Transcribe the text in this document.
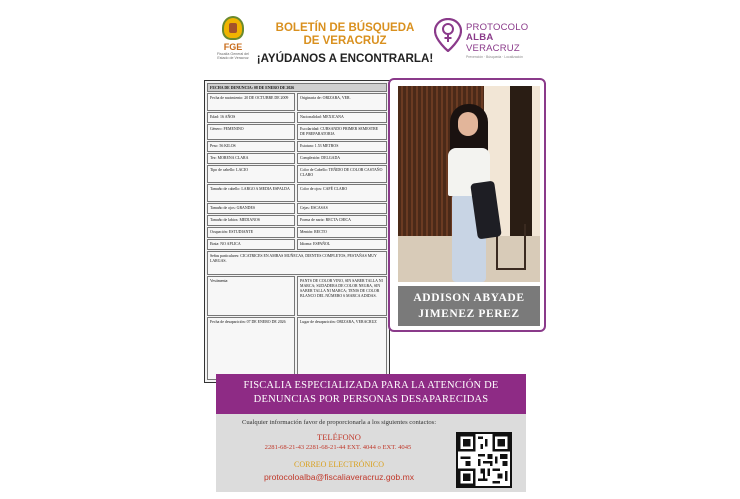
FGE
Fiscalía General del Estado de Veracruz
BOLETÍN DE BÚSQUEDA
DE VERACRUZ
¡AYÚDANOS A ENCONTRARLA!
PROTOCOLO
ALBA
VERACRUZ
Prevención · Búsqueda · Localización
FECHA DE DENUNCIA: 08 DE ENERO DE 2026
Fecha de nacimiento: 20 DE OCTUBRE DE 2009	Originaria de: ORIZABA, VER.
Edad: 16 AÑOS	Nacionalidad: MEXICANA
Género: FEMENINO	Escolaridad: CURSANDO PRIMER SEMESTRE DE PREPARATORIA
Peso: 56 KILOS	Estatura: 1.53 METROS
Tez: MORENA CLARA	Complexión: DELGADA
Tipo de cabello: LACIO	Color de Cabello: TEÑIDO DE COLOR CASTAÑO CLARO
Tamaño de cabello: LARGO A MEDIA ESPALDA	Color de ojos: CAFÉ CLARO
Tamaño de ojos: GRANDES	Cejas: ESCASAS
Tamaño de labios: MEDIANOS	Forma de nariz: RECTA CHICA
Ocupación: ESTUDIANTE	Mentón: RECTO
Etnia: NO APLICA	Idioma: ESPAÑOL
Señas particulares: CICATRICES EN AMBAS MUÑECAS, DIENTES COMPLETOS, PESTAÑAS MUY LARGAS.
Vestimenta:	PANTS DE COLOR VINO, SIN SABER TALLA NI MARCA; SUDADERA DE COLOR NEGRA, SIN SABER TALLA NI MARCA; TENIS DE COLOR BLANCO DEL NÚMERO 6 MARCA ADIDAS.
Fecha de desaparición: 07 DE ENERO DE 2026	Lugar de desaparición: ORIZABA, VERACRUZ
ADDISON ABYADE
JIMENEZ PEREZ
FISCALIA ESPECIALIZADA PARA LA ATENCIÓN DE
DENUNCIAS POR PERSONAS DESAPARECIDAS
Cualquier información favor de proporcionarla a los siguientes contactos:
TELÉFONO
2281-68-21-43 2281-68-21-44 EXT. 4044 o EXT. 4045
CORREO ELECTRÓNICO
protocoloalba@fiscaliaveracruz.gob.mx
